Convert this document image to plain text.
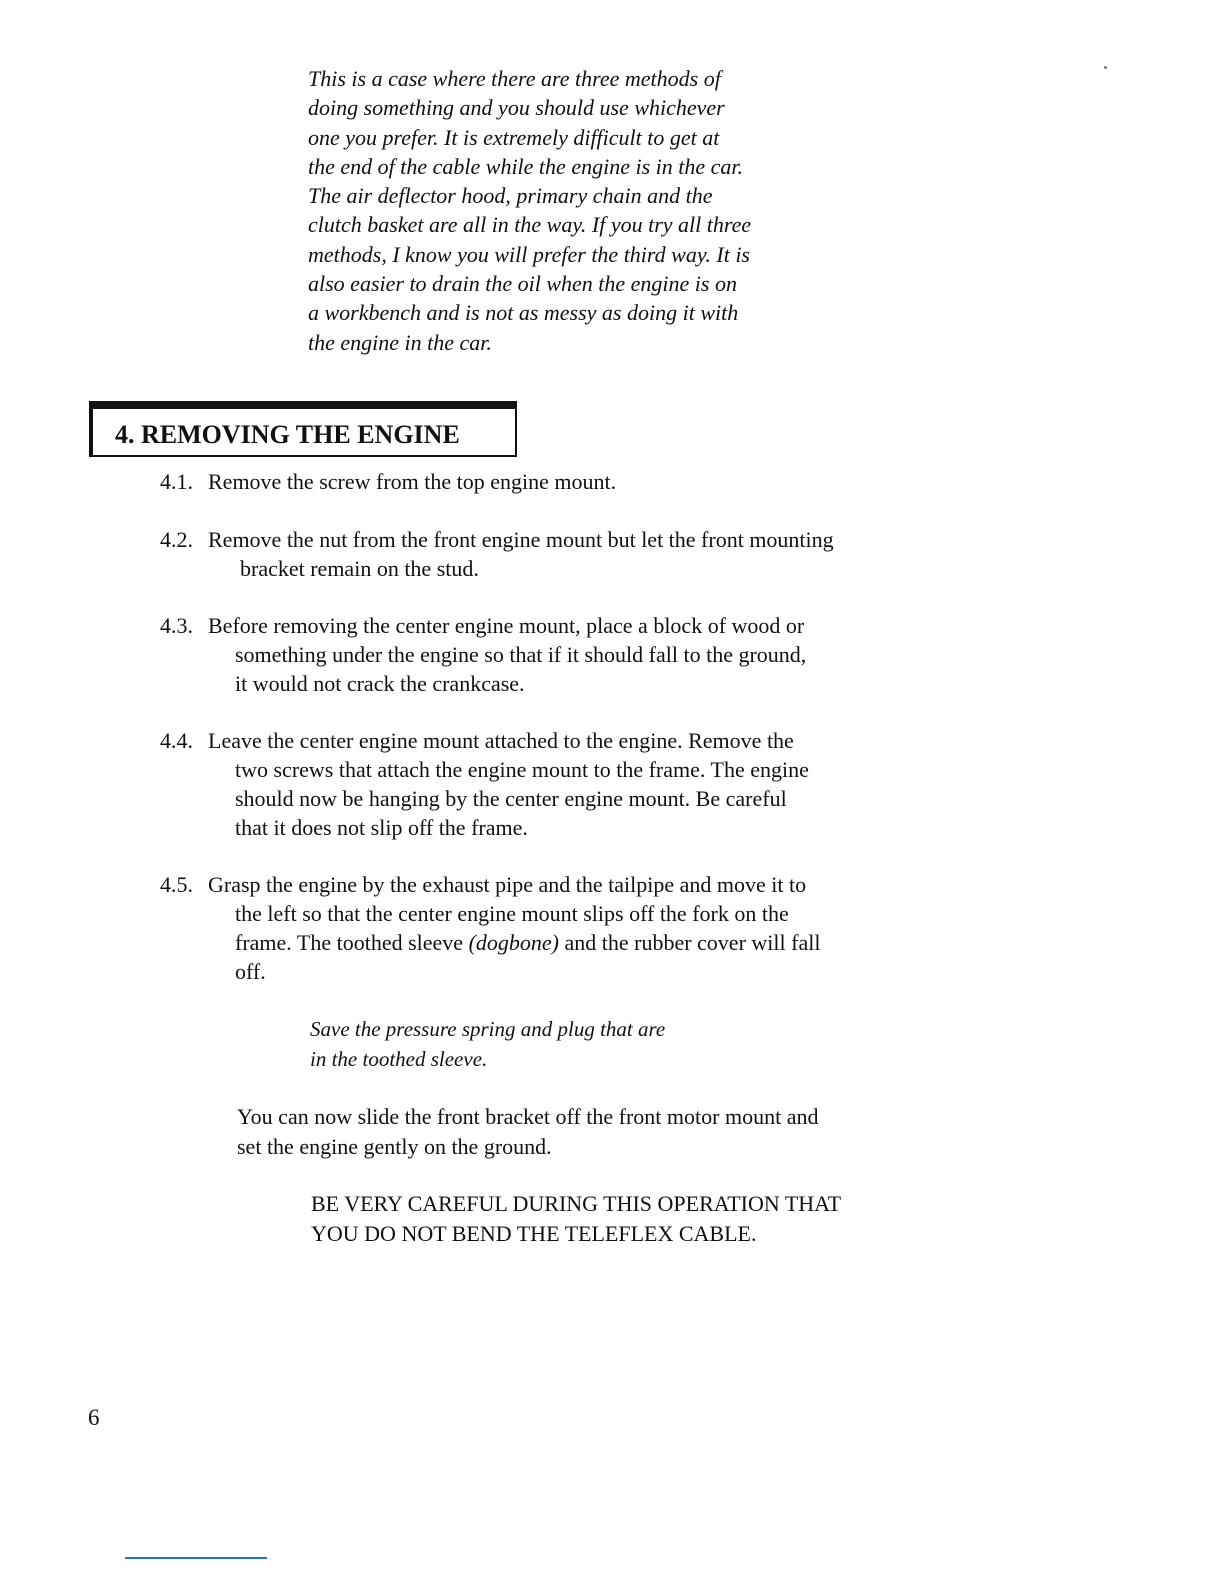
This is a case where there are three methods of
doing something and you should use whichever
one you prefer. It is extremely difficult to get at
the end of the cable while the engine is in the car.
The air deflector hood, primary chain and the
clutch basket are all in the way. If you try all three
methods, I know you will prefer the third way. It is
also easier to drain the oil when the engine is on
a workbench and is not as messy as doing it with
the engine in the car.

4. REMOVING THE ENGINE
4.1. Remove the screw from the top engine mount.
4.2. Remove the nut from the front engine mount but let the front mounting
bracket remain on the stud.
4.3. Before removing the center engine mount, place a block of wood or
something under the engine so that if it should fall to the ground,
it would not crack the crankcase.
4.4. Leave the center engine mount attached to the engine. Remove the
two screws that attach the engine mount to the frame. The engine
should now be hanging by the center engine mount. Be careful
that it does not slip off the frame.
4.5. Grasp the engine by the exhaust pipe and the tailpipe and move it to
the left so that the center engine mount slips off the fork on the
frame. The toothed sleeve (dogbone) and the rubber cover will fall
off.

Save the pressure spring and plug that are
in the toothed sleeve.

You can now slide the front bracket off the front motor mount and
set the engine gently on the ground.

BE VERY CAREFUL DURING THIS OPERATION THAT
YOU DO NOT BEND THE TELEFLEX CABLE.

6
